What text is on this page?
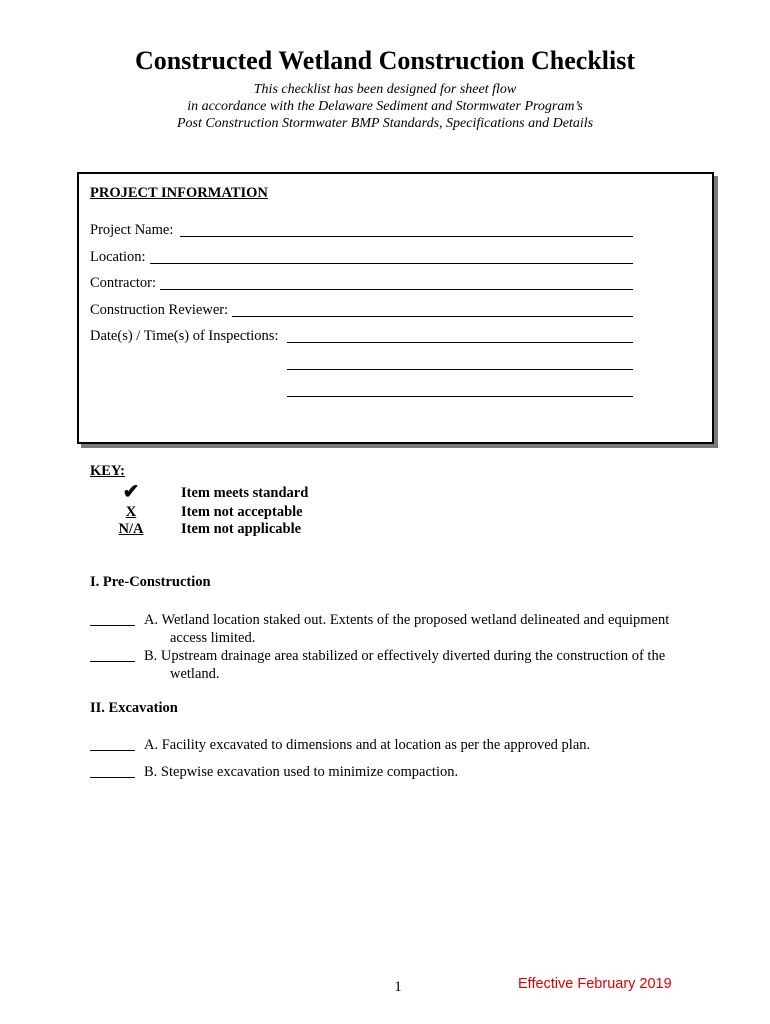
Constructed Wetland Construction Checklist
This checklist has been designed for sheet flow
in accordance with the Delaware Sediment and Stormwater Program’s
Post Construction Stormwater BMP Standards, Specifications and Details
PROJECT INFORMATION
Project Name:
Location:
Contractor:
Construction Reviewer:
Date(s) / Time(s) of Inspections:
KEY:
✔	Item meets standard
X	Item not acceptable
N/A	Item not applicable
I. Pre-Construction
A. Wetland location staked out. Extents of the proposed wetland delineated and equipment
access limited.
B. Upstream drainage area stabilized or effectively diverted during the construction of the
wetland.
II. Excavation
A. Facility excavated to dimensions and at location as per the approved plan.
B. Stepwise excavation used to minimize compaction.
1	Effective February 2019
